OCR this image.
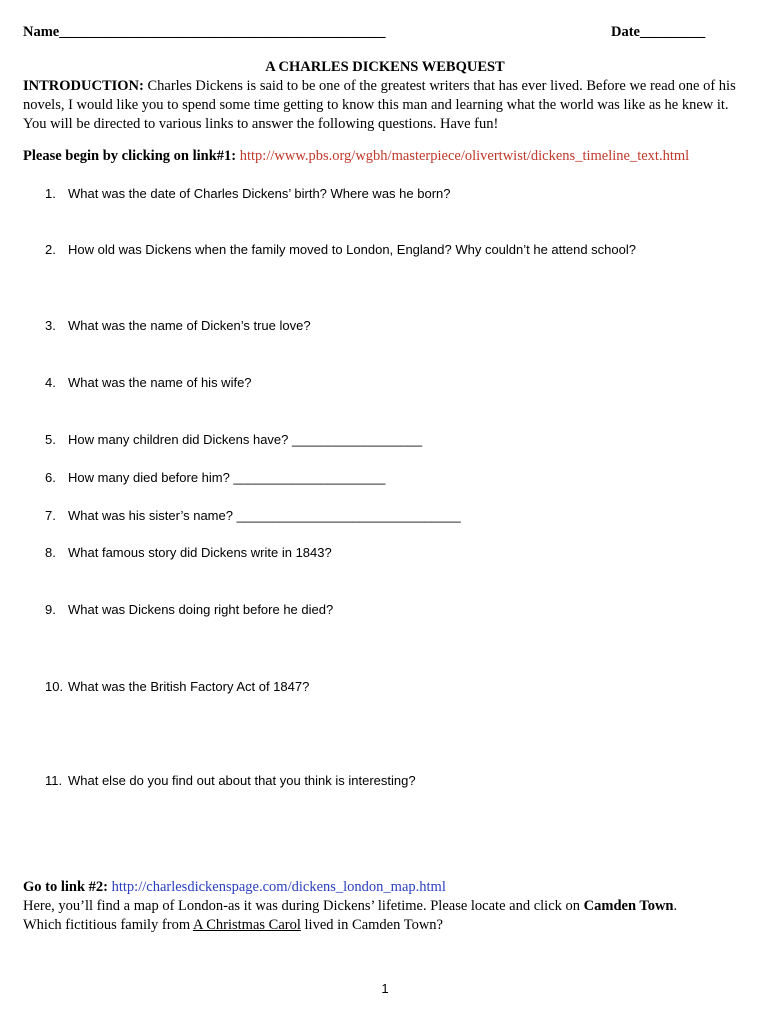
Name_____________________________________________	Date_________
A CHARLES DICKENS WEBQUEST
INTRODUCTION: Charles Dickens is said to be one of the greatest writers that has ever lived. Before we read one of his novels, I would like you to spend some time getting to know this man and learning what the world was like as he knew it. You will be directed to various links to answer the following questions. Have fun!
Please begin by clicking on link#1: http://www.pbs.org/wgbh/masterpiece/olivertwist/dickens_timeline_text.html
1. What was the date of Charles Dickens’ birth? Where was he born?
2. How old was Dickens when the family moved to London, England? Why couldn’t he attend school?
3. What was the name of Dicken’s true love?
4. What was the name of his wife?
5. How many children did Dickens have? __________________
6. How many died before him? _____________________
7. What was his sister’s name? _______________________________
8. What famous story did Dickens write in 1843?
9. What was Dickens doing right before he died?
10. What was the British Factory Act of 1847?
11. What else do you find out about that you think is interesting?
Go to link #2: http://charlesdickenspage.com/dickens_london_map.html
Here, you’ll find a map of London-as it was during Dickens’ lifetime. Please locate and click on Camden Town.
Which fictitious family from A Christmas Carol lived in Camden Town?
1
